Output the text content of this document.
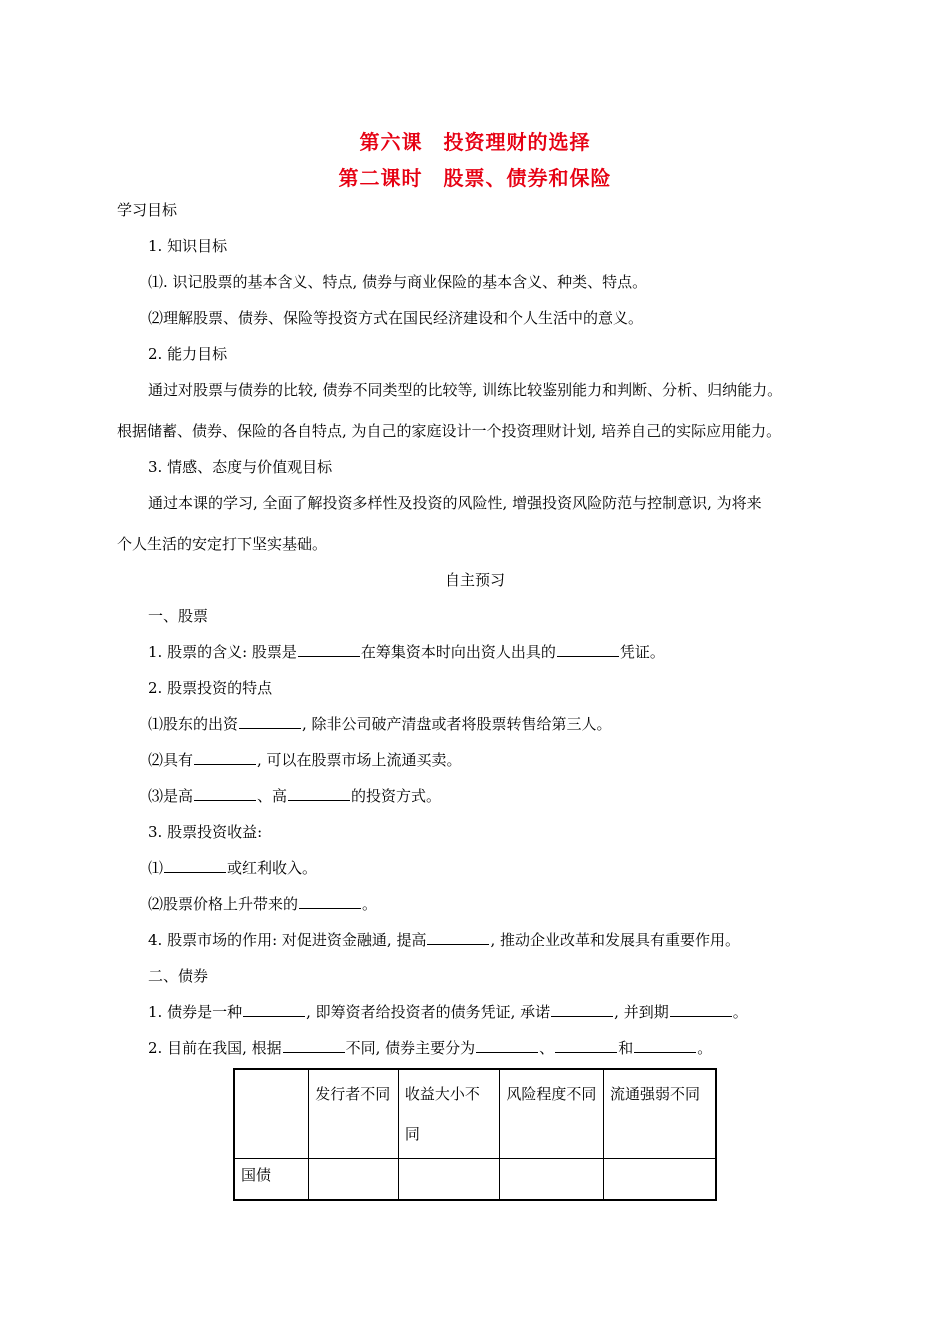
第六课　投资理财的选择
第二课时　股票、债券和保险
学习目标
1. 知识目标
⑴. 识记股票的基本含义、特点, 债券与商业保险的基本含义、种类、特点。
⑵理解股票、债券、保险等投资方式在国民经济建设和个人生活中的意义。
2. 能力目标
通过对股票与债券的比较, 债券不同类型的比较等, 训练比较鉴别能力和判断、分析、归纳能力。
根据储蓄、债券、保险的各自特点, 为自己的家庭设计一个投资理财计划, 培养自己的实际应用能力。
3. 情感、态度与价值观目标
通过本课的学习, 全面了解投资多样性及投资的风险性, 增强投资风险防范与控制意识, 为将来
个人生活的安定打下坚实基础。
自主预习
一、股票
1. 股票的含义: 股票是	在筹集资本时向出资人出具的	凭证。
2. 股票投资的特点
⑴股东的出资	, 除非公司破产清盘或者将股票转售给第三人。
⑵具有	, 可以在股票市场上流通买卖。
⑶是高	、高	的投资方式。
3. 股票投资收益:
⑴	或红利收入。
⑵股票价格上升带来的	。
4. 股票市场的作用: 对促进资金融通, 提高	, 推动企业改革和发展具有重要作用。
二、债券
1. 债券是一种	, 即筹资者给投资者的债务凭证, 承诺	, 并到期	。
2. 目前在我国, 根据	不同, 债券主要分为	、	和	。
	发行者不同	收益大小不同	风险程度不同	流通强弱不同
国债				
